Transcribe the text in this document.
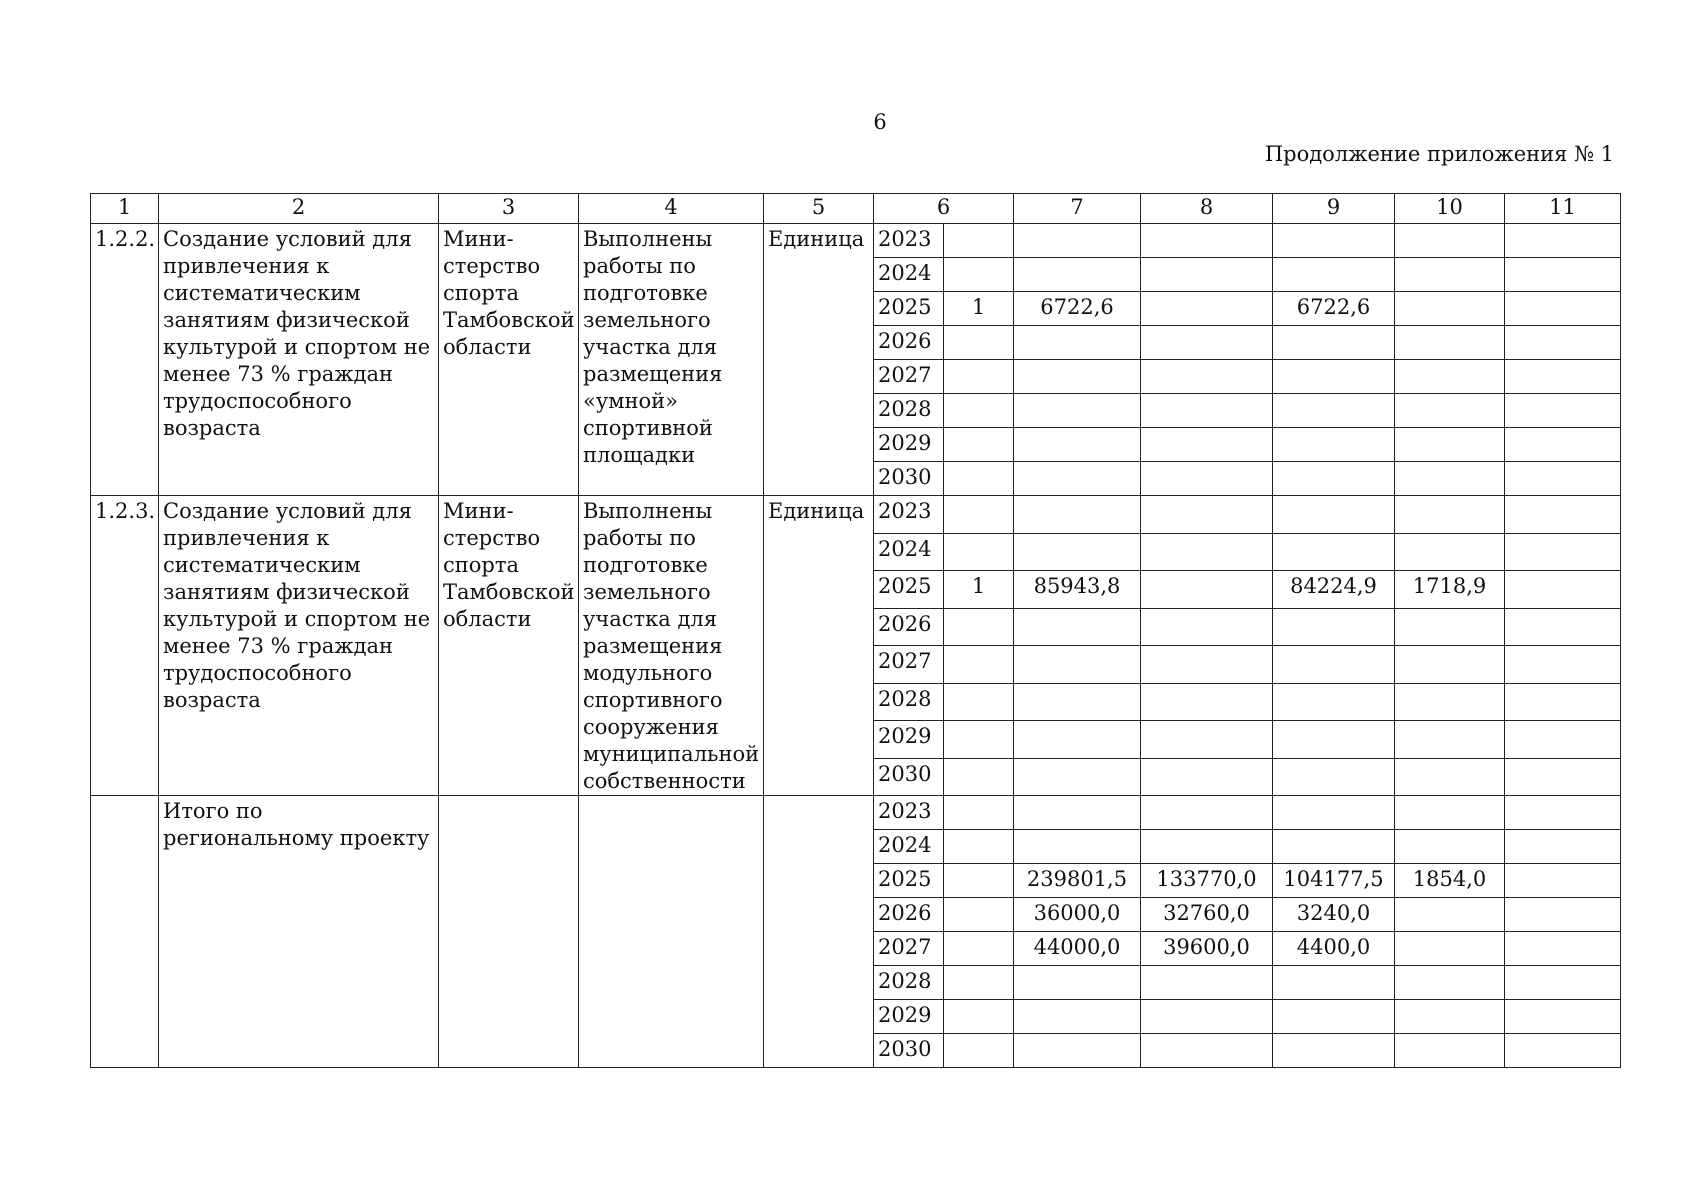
6
Продолжение приложения № 1
1	2	3	4	5	6		7	8	9	10	11
1.2.2.	Создание условий для привлечения к систематическим занятиям физической культурой и спортом не менее 73 % граждан трудоспособного возраста	Мини-стерство спорта Тамбовской области	Выполнены работы по подготовке земельного участка для размещения «умной» спортивной площадки	Единица	2023						
					2024						
					2025	1	6722,6		6722,6		
					2026						
					2027						
					2028						
					2029						
					2030						
1.2.3.	Создание условий для привлечения к систематическим занятиям физической культурой и спортом не менее 73 % граждан трудоспособного возраста	Мини-стерство спорта Тамбовской области	Выполнены работы по подготовке земельного участка для размещения модульного спортивного сооружения муниципальной собственности	Единица	2023						
					2024						
					2025	1	85943,8		84224,9	1718,9	
					2026						
					2027						
					2028						
					2029						
					2030						
	Итого по региональному проекту				2023						
					2024						
					2025		239801,5	133770,0	104177,5	1854,0	
					2026		36000,0	32760,0	3240,0		
					2027		44000,0	39600,0	4400,0		
					2028						
					2029						
					2030						
